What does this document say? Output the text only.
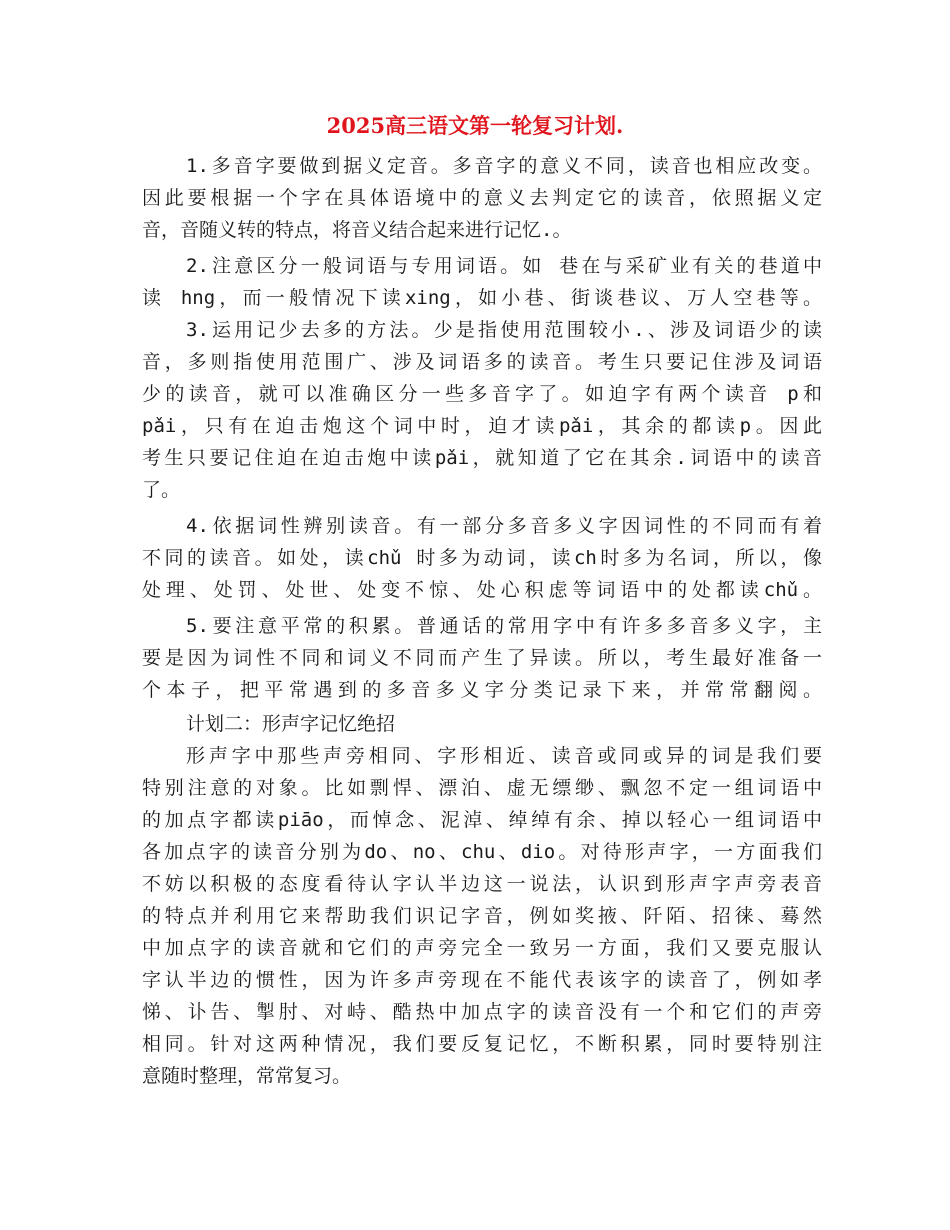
2025高三语文第一轮复习计划.
1.多音字要做到据义定音。多音字的意义不同，读音也相应改变。
因此要根据一个字在具体语境中的意义去判定它的读音，依照据义定
音，音随义转的特点，将音义结合起来进行记忆.。
2.注意区分一般词语与专用词语。如 巷在与采矿业有关的巷道中
读 hng，而一般情况下读xing，如小巷、街谈巷议、万人空巷等。
3.运用记少去多的方法。少是指使用范围较小.、涉及词语少的读
音，多则指使用范围广、涉及词语多的读音。考生只要记住涉及词语
少的读音，就可以准确区分一些多音字了。如迫字有两个读音 p和
pǎi，只有在迫击炮这个词中时，迫才读pǎi，其余的都读p。因此
考生只要记住迫在迫击炮中读pǎi，就知道了它在其余.词语中的读音
了。
4.依据词性辨别读音。有一部分多音多义字因词性的不同而有着
不同的读音。如处，读chǔ 时多为动词，读ch时多为名词，所以，像
处理、处罚、处世、处变不惊、处心积虑等词语中的处都读chǔ。
5.要注意平常的积累。普通话的常用字中有许多多音多义字，主
要是因为词性不同和词义不同而产生了异读。所以，考生最好准备一
个本子，把平常遇到的多音多义字分类记录下来，并常常翻阅。
计划二：形声字记忆绝招
形声字中那些声旁相同、字形相近、读音或同或异的词是我们要
特别注意的对象。比如剽悍、漂泊、虚无缥缈、飘忽不定一组词语中
的加点字都读piāo，而悼念、泥淖、绰绰有余、掉以轻心一组词语中
各加点字的读音分别为do、no、chu、dio。对待形声字，一方面我们
不妨以积极的态度看待认字认半边这一说法，认识到形声字声旁表音
的特点并利用它来帮助我们识记字音，例如奖掖、阡陌、招徕、蓦然
中加点字的读音就和它们的声旁完全一致另一方面，我们又要克服认
字认半边的惯性，因为许多声旁现在不能代表该字的读音了，例如孝
悌、讣告、掣肘、对峙、酷热中加点字的读音没有一个和它们的声旁
相同。针对这两种情况，我们要反复记忆，不断积累，同时要特别注
意随时整理，常常复习。
